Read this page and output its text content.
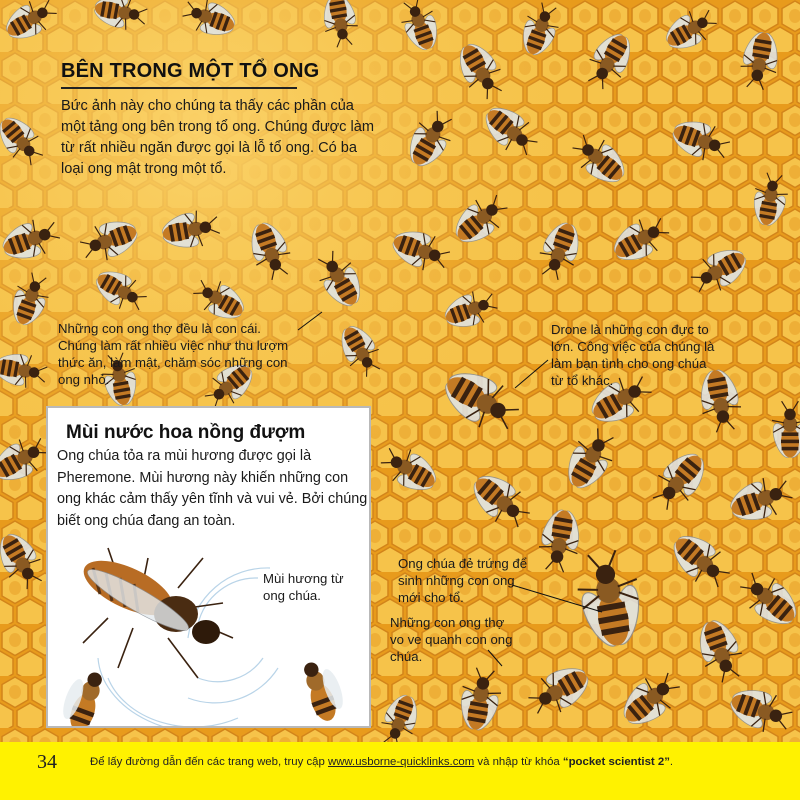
BÊN TRONG MỘT TỔ ONG
Bức ảnh này cho chúng ta thấy các phần của một tảng ong bên trong tổ ong. Chúng được làm từ rất nhiều ngăn được gọi là lỗ tổ ong. Có ba loại ong mật trong một tổ.
Những con ong thợ đều là con cái. Chúng làm rất nhiều việc như thu lượm thức ăn, làm mật, chăm sóc những con ong nhỏ.
Drone là những con đực to lớn. Công việc của chúng là làm bạn tình cho ong chúa từ tổ khác.
Ong chúa đẻ trứng để sinh những con ong mới cho tổ.
Những con ong thợ vo ve quanh con ong chúa.
Mùi nước hoa nồng đượm
Ong chúa tỏa ra mùi hương được gọi là Pheremone. Mùi hương này khiến những con ong khác cảm thấy yên tĩnh và vui vẻ. Bởi chúng biết ong chúa đang an toàn.
Mùi hương từ ong chúa.
34	Để lấy đường dẫn đến các trang web, truy cập www.usborne-quicklinks.com và nhập từ khóa “pocket scientist 2”.
